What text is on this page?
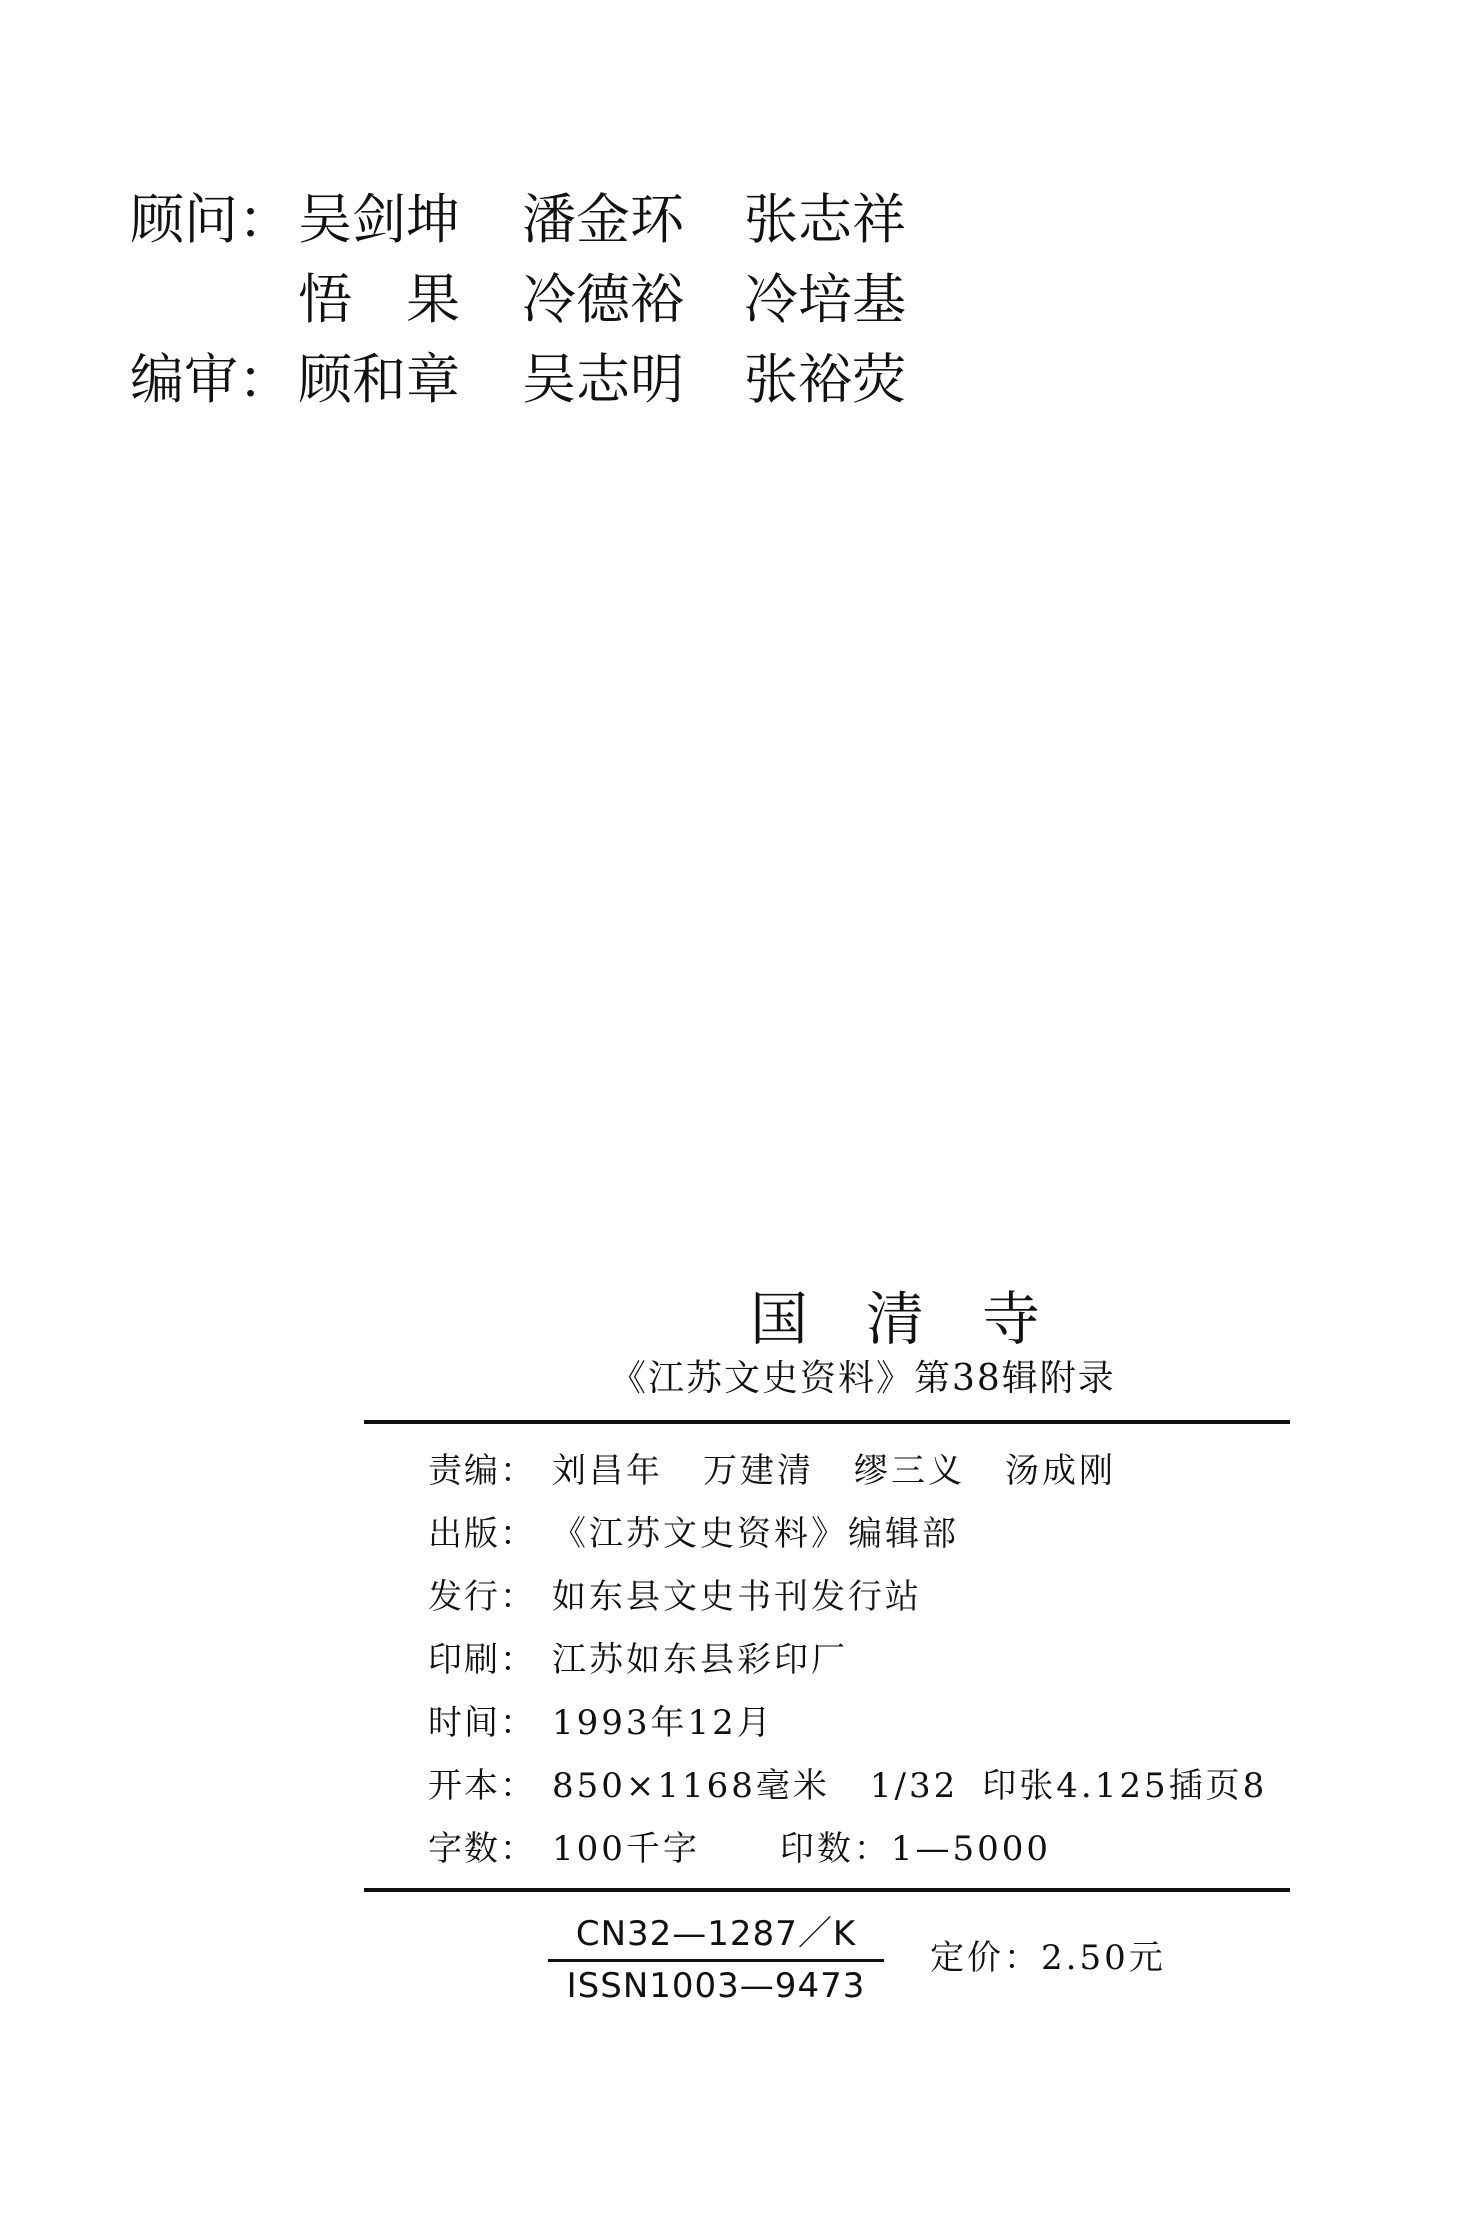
顾问： 吴剑坤 潘金环 张志祥
悟果 冷德裕 冷培基
编审： 顾和章 吴志明 张裕荧
国清寺
《江苏文史资料》第38辑附录
责编： 刘昌年 万建清 缪三义 汤成刚
出版： 《江苏文史资料》编辑部
发行： 如东县文史书刊发行站
印刷： 江苏如东县彩印厂
时间： 1993年12月
开本： 850×1168毫米 1/32 印张4.125插页8
字数： 100千字 印数：1—5000
CN32—1287／K
ISSN1003—9473
定价：2.50元
